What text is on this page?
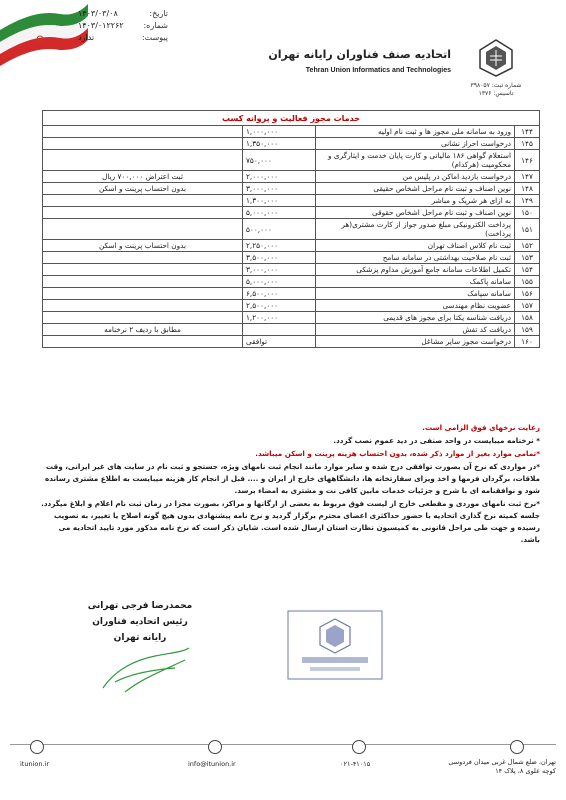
تاریخ:
۱۴۰۳/۰۳/۰۸
شماره:
۱۴۰۳/۰۱۲۲۶۲
پیوست:
ندارد
شماره ثبت: ۳۹۸۰۵۷
تاسیس: ۱۳۷۶
اتحادیه صنف فناوران رایانه تهران
Tehran Union Informatics and Technologies
خدمات مجوز فعالیت و پروانه کسب			
۱۴۴	ورود به سامانه ملی مجوز ها و ثبت نام اولیه	۱,۰۰۰,۰۰۰	
۱۴۵	درخواست احراز نشانی	۱,۳۵۰,۰۰۰	
۱۴۶	استعلام گواهی ۱۸۶ مالیاتی و کارت پایان خدمت و ایثارگری و محکومیت (هرکدام)	۷۵۰,۰۰۰	
۱۴۷	درخواست بازدید اماکن در پلیس من	۲,۰۰۰,۰۰۰	ثبت اعتراض ۷۰۰,۰۰۰ ریال
۱۴۸	نوین اصناف و ثبت نام مراحل اشخاص حقیقی	۳,۰۰۰,۰۰۰	بدون احتساب پرینت و اسکن
۱۴۹	به ازای هر شریک و مباشر	۱,۳۰۰,۰۰۰	
۱۵۰	نوین اصناف و ثبت نام مراحل اشخاص حقوقی	۵,۰۰۰,۰۰۰	
۱۵۱	پرداخت الکترونیکی مبلغ صدور جواز از کارت مشتری(هر پرداخت)	۵۰۰,۰۰۰	
۱۵۲	ثبت نام کلاس اصناف تهران	۲,۲۵۰,۰۰۰	بدون احتساب پرینت و اسکن
۱۵۳	ثبت نام صلاحیت بهداشتی در سامانه سامح	۳,۵۰۰,۰۰۰	
۱۵۴	تکمیل اطلاعات سامانه جامع آموزش مداوم پزشکی	۳,۰۰۰,۰۰۰	
۱۵۵	سامانه پاکمک	۵,۰۰۰,۰۰۰	
۱۵۶	سامانه سپامک	۶,۵۰۰,۰۰۰	
۱۵۷	عضویت نظام مهندسی	۲,۵۰۰,۰۰۰	
۱۵۸	دریافت شناسه یکتا برای مجوز های قدیمی	۱,۲۰۰,۰۰۰	
۱۵۹	دریافت کد تفش		مطابق با ردیف ۲ نرخنامه
۱۶۰	درخواست مجوز سایر مشاغل	توافقی	

رعایت نرخهای فوق الزامی است.

* نرخنامه میبایست در واحد صنفی در دید عموم نصب گردد.

*تمامی موارد بغیر از موارد ذکر شده، بدون احتساب هزینه پرینت و اسکن میباشد.

*در مواردی که نرخ آن بصورت توافقی درج شده و سایر موارد مانند انجام ثبت نامهای ویژه، جستجو و ثبت نام در سایت های غیر ایرانی، وقت ملاقات، برگردان فرمها و اخذ ویزای سفارتخانه ها، دانشگاههای خارج از ایران و .... قبل از انجام کار هزینه میبایست به اطلاع مشتری رسانده شود و نوافقنامه ای با شرح و جزئیات خدمات مابین کافی نت و مشتری به امضاء برسد.

*نرخ ثبت نامهای موردی و مقطعی خارج از لیست فوق مربوط به بعضی از ارگانها و مراکز، بصورت مجزا در زمان ثبت نام اعلام و ابلاغ میگردد. جلسه کمیته نرخ گذاری اتحادیه با حضور حداکثری اعضای محترم برگزار گردید و نرخ نامه پیشنهادی بدون هیچ گونه اصلاح یا تغییر، به تصویب رسیده و جهت طی مراحل قانونی به کمیسیون نظارت استان ارسال شده است. شایان ذکر است که نرخ نامه مذکور مورد تایید اتحادیه می باشد.

محمدرضا فرجی تهرانی
رئیس اتحادیه فناوران رایانه تهران
itunion.ir	info@itunion.ir	۰۲۱-۴۱۰۱۵	تهران، ضلع شمال غربی میدان فردوسی
کوچه علوی ۸، پلاک ۱۴
